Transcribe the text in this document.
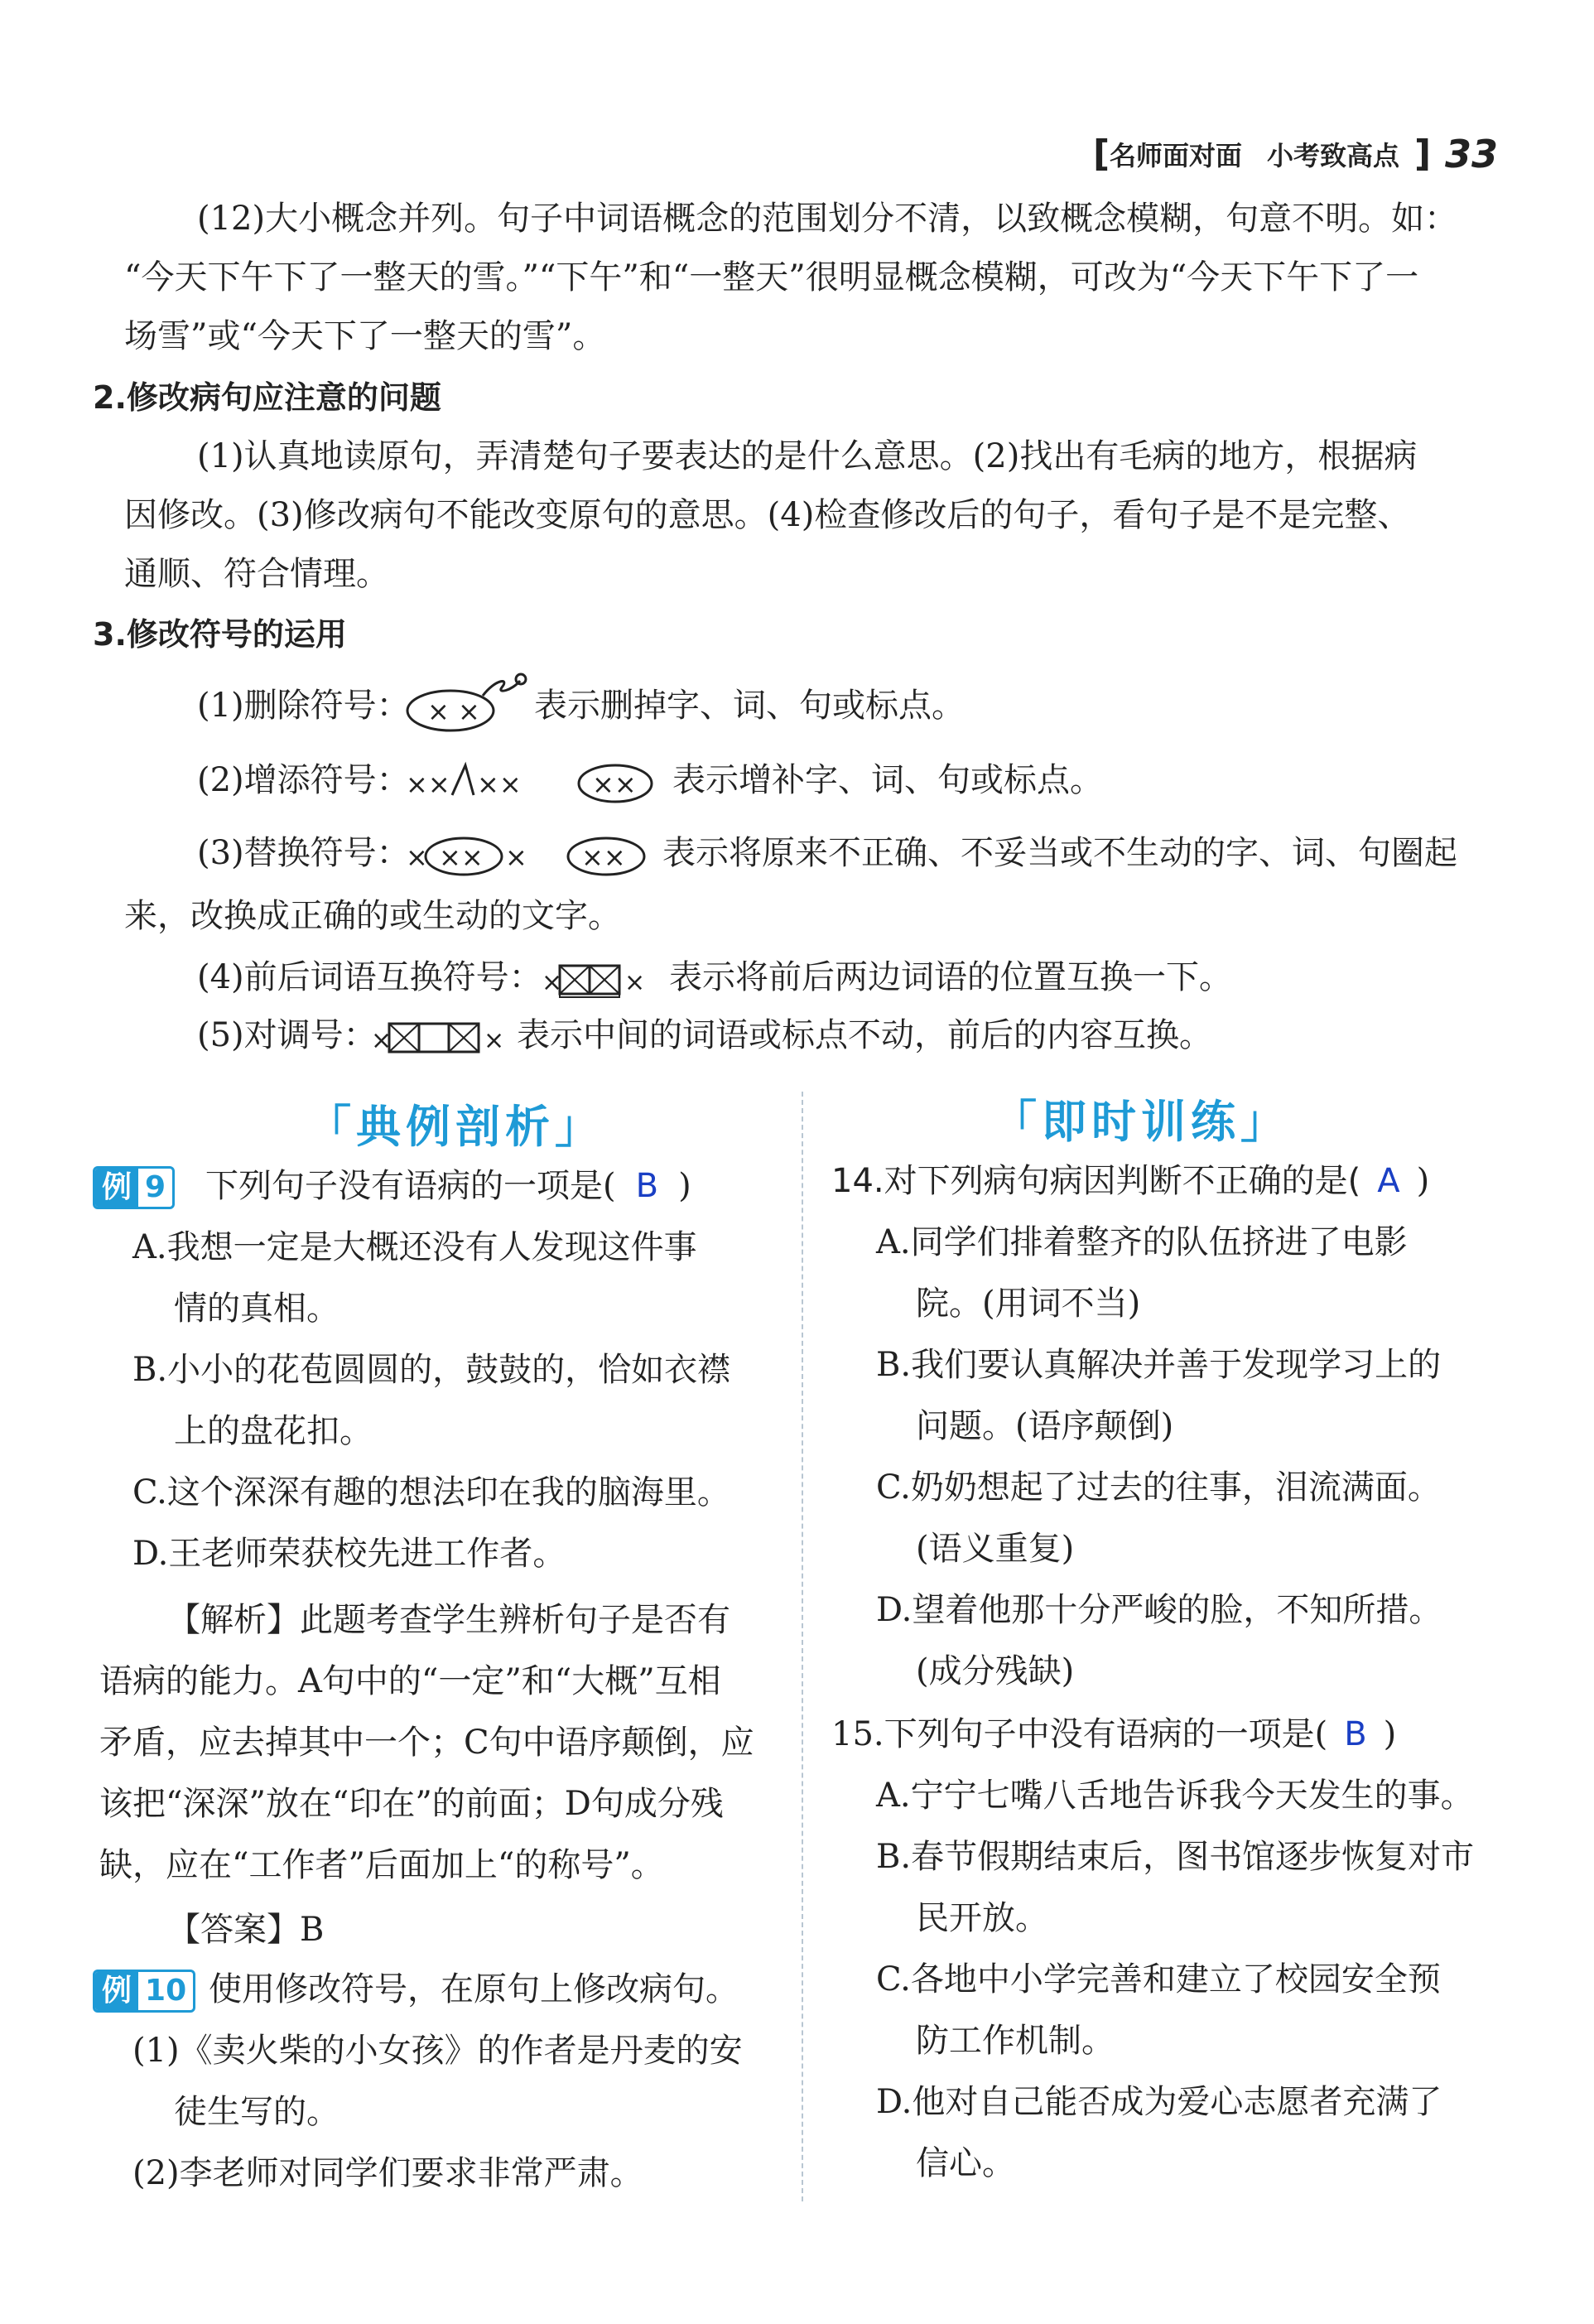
[ 名师面对面 小考致高点 ] 33
(12)大小概念并列。句子中词语概念的范围划分不清，以致概念模糊，句意不明。如：
“今天下午下了一整天的雪。”“下午”和“一整天”很明显概念模糊，可改为“今天下午下了一
场雪”或“今天下了一整天的雪”。
2.修改病句应注意的问题
(1)认真地读原句，弄清楚句子要表达的是什么意思。(2)找出有毛病的地方，根据病
因修改。(3)修改病句不能改变原句的意思。(4)检查修改后的句子，看句子是不是完整、
通顺、符合情理。
3.修改符号的运用
(1)删除符号： × × 表示删掉字、词、句或标点。
(2)增添符号：
×× ××	×× 表示增补字、词、句或标点。
(3)替换符号：
× ×× × ×× 表示将原来不正确、不妥当或不生动的字、词、句圈起
来，改换成正确的或生动的文字。
(4)前后词语互换符号： × × 表示将前后两边词语的位置互换一下。
(5)对调号：
×	× 表示中间的词语或标点不动，前后的内容互换。
「典例剖析」
例 9 下列句子没有语病的一项是( B )
A.我想一定是大概还没有人发现这件事
情的真相。
B.小小的花苞圆圆的，鼓鼓的，恰如衣襟
上的盘花扣。
C.这个深深有趣的想法印在我的脑海里。
D.王老师荣获校先进工作者。
【解析】此题考查学生辨析句子是否有
语病的能力。A句中的“一定”和“大概”互相
矛盾，应去掉其中一个；C句中语序颠倒，应
该把“深深”放在“印在”的前面；D句成分残
缺，应在“工作者”后面加上“的称号”。
【答案】B
例 10 使用修改符号，在原句上修改病句。
(1)《卖火柴的小女孩》的作者是丹麦的安
徒生写的。
(2)李老师对同学们要求非常严肃。
「即时训练」
14.对下列病句病因判断不正确的是( A )
A.同学们排着整齐的队伍挤进了电影
院。(用词不当)
B.我们要认真解决并善于发现学习上的
问题。(语序颠倒)
C.奶奶想起了过去的往事，泪流满面。
(语义重复)
D.望着他那十分严峻的脸，不知所措。
(成分残缺)
15.下列句子中没有语病的一项是( B )
A.宁宁七嘴八舌地告诉我今天发生的事。
B.春节假期结束后，图书馆逐步恢复对市
民开放。
C.各地中小学完善和建立了校园安全预
防工作机制。
D.他对自己能否成为爱心志愿者充满了
信心。
